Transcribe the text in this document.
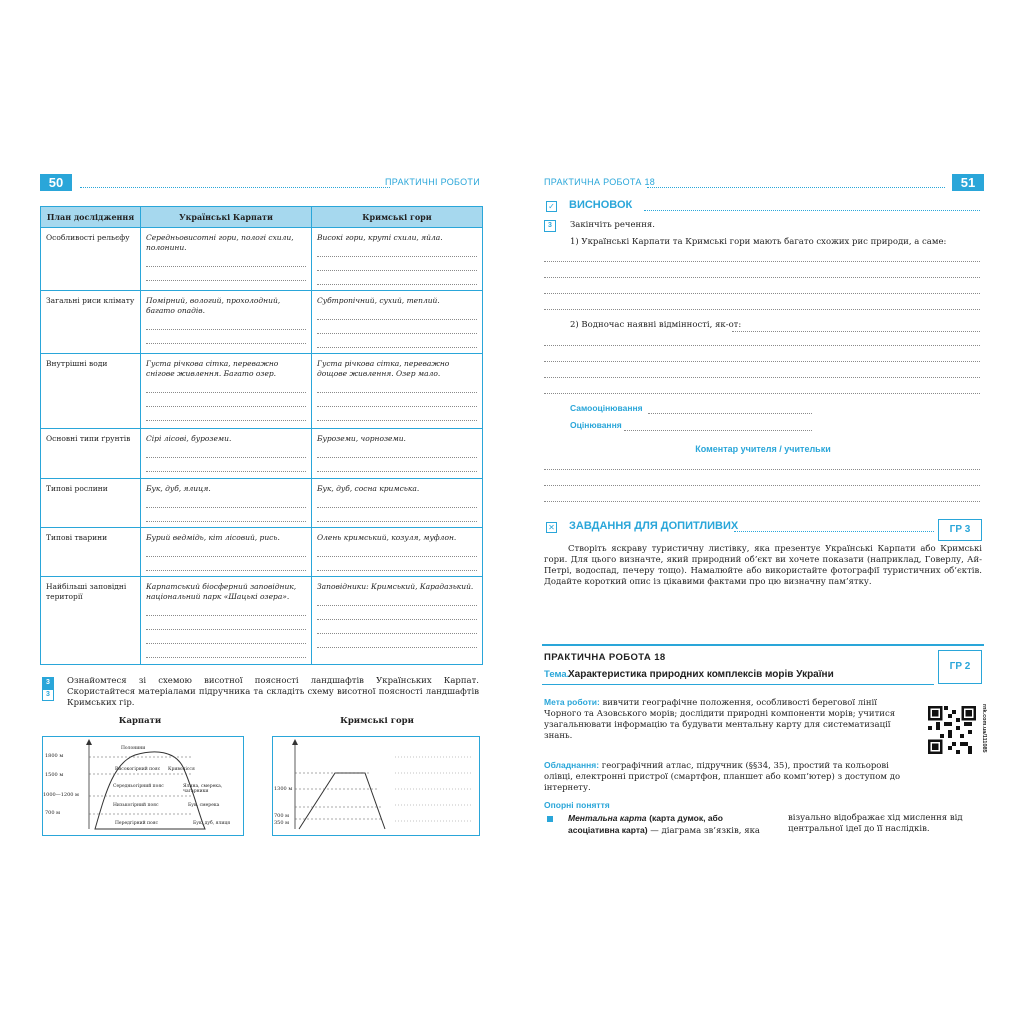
50	ПРАКТИЧНІ РОБОТИ
План дослідження	Українські Карпати	Кримські гори
Особливості рельєфу	Середньовисотні гори, пологі схили, полонини.	Високі гори, круті схили, яйла.

Загальні риси клімату	Помірний, вологий, прохолодний, багато опадів.	Субтропічний, сухий, теплий.

Внутрішні води	Густа річкова сітка, переважно снігове живлення. Багато озер.	Густа річкова сітка, переважно дощове живлення. Озер мало.

Основні типи ґрунтів	Сірі лісові, буроземи.	Буроземи, чорноземи.

Типові рослини	Бук, дуб, ялиця.	Бук, дуб, сосна кримська.

Типові тварини	Бурий ведмідь, кіт лісовий, рись.	Олень кримський, козуля, муфлон.

Найбільші заповідні території	Карпатський біосферний заповідник, національний парк «Шацькі озера».	Заповідники: Кримський, Карадазький.
3
3
Ознайомтеся зі схемою висотної поясності ландшафтів Українських Карпат. Скористайтеся матеріалами підручника та складіть схему висотної поясності ландшафтів Кримських гір.
Карпати	Кримські гори
1800 м
1500 м
1000—1200 м
700 м
Полонини
Високогірний пояс Криволісся
Середньогірний пояс	Ялина, смерека, чагарники
Низькогірний пояс	Бук, смерека
Передгірний пояс	Бук, дуб, ялиця
1300 м
700 м
350 м
ПРАКТИЧНА РОБОТА 18	51
✓ ВИСНОВОК
3	Закінчіть речення.
1) Українські Карпати та Кримські гори мають багато схожих рис природи, а саме:
2) Водночас наявні відмінності, як-от:
Самооцінювання
Оцінювання
Коментар учителя / учительки
✕ ЗАВДАННЯ ДЛЯ ДОПИТЛИВИХ	ГР 3
Створіть яскраву туристичну листівку, яка презентує Українські Карпати або Кримські гори. Для цього визначте, який природний об’єкт ви хочете показати (наприклад, Говерлу, Ай-Петрі, водоспад, печеру тощо). Намалюйте або використайте фотографії туристичних об’єктів. Додайте короткий опис із цікавими фактами про цю визначну пам’ятку.
ПРАКТИЧНА РОБОТА 18
Тема.
Характеристика природних комплексів морів України
ГР 2
Мета роботи: вивчити географічне положення, особливості берегової лінії Чорного та Азовського морів; дослідити природні компоненти морів; учитися узагальнювати інформацію та будувати ментальну карту для систематизації знань.	rnk.com.ua/111085
Обладнання: географічний атлас, підручник (§§34, 35), простий та кольорові олівці, електронні пристрої (смартфон, планшет або комп’ютер) з доступом до інтернету.
Опорні поняття
Ментальна карта (карта думок, або асоціативна карта) — діаграма зв’язків, яка
візуально відображає хід мислення від центральної ідеї до її наслідків.
